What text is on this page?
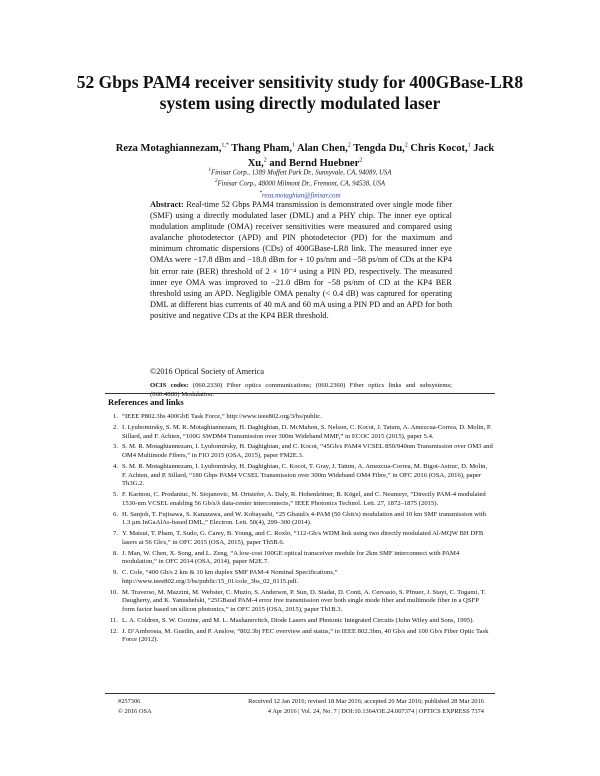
52 Gbps PAM4 receiver sensitivity study for 400GBase-LR8 system using directly modulated laser
Reza Motaghiannezam,$^{1,*}$ Thang Pham,$^1$ Alan Chen,$^2$ Tengda Du,$^2$ Chris Kocot,$^1$ Jack Xu,$^2$ and Bernd Huebner$^2$
$^1$Finisar Corp., 1389 Moffett Park Dr., Sunnyvale, CA, 94089, USA
$^2$Finisar Corp., 48000 Milmont Dr., Fremont, CA, 94538, USA
*reza.motaghian@finisar.com
Abstract: Real-time 52 Gbps PAM4 transmission is demonstrated over single mode fiber (SMF) using a directly modulated laser (DML) and a PHY chip. The inner eye optical modulation amplitude (OMA) receiver sensitivities were measured and compared using avalanche photodetector (APD) and PIN photodetector (PD) for the maximum and minimum chromatic dispersions (CDs) of 400GBase-LR8 link. The measured inner eye OMAs were −17.8 dBm and −18.8 dBm for + 10 ps/nm and −58 ps/nm of CDs at the KP4 bit error rate (BER) threshold of 2 × 10⁻⁴ using a PIN PD, respectively. The measured inner eye OMA was improved to −21.0 dBm for −58 ps/nm of CD at the KP4 BER threshold using an APD. Negligible OMA penalty (< 0.4 dB) was captured for operating DML at different bias currents of 40 mA and 60 mA using a PIN PD and an APD for both positive and negative CDs at the KP4 BER threshold.
©2016 Optical Society of America
OCIS codes: (060.2330) Fiber optics communications; (060.2360) Fiber optics links and subsystems; (060.4080) Modulation.
References and links
1. “IEEE P802.3bs 400GbE Task Force,” http://www.ieee802.org/3/bs/public.
2. I. Lyubomirsky, S. M. R. Motaghiannezam, H. Daghighian, D. McMahon, S. Nelson, C. Kocot, J. Tatum, A. Amezcua-Correa, D. Molin, P. Sillard, and F. Achten, “100G SWDM4 Transmission over 300m Wideband MMF,” in ECOC 2015 (2015), paper 5.4.
3. S. M. R. Motaghiannezam, I. Lyubomirsky, H. Daghighian, and C. Kocot, “45Gb/s PAM4 VCSEL 850/940nm Transmission over OM3 and OM4 Multimode Fibers,” in FIO 2015 (OSA, 2015), paper FM2E.3.
4. S. M. R. Motaghiannezam, I. Lyubomirsky, H. Daghighian, C. Kocot, T. Gray, J. Tatum, A. Amezcua-Correa, M. Bigot-Astruc, D. Molin, F. Achten, and P. Sillard, “180 Gbps PAM4 VCSEL Transmission over 300m Wideband OM4 Fibre,” in OFC 2016 (OSA, 2016), paper Th3G.2.
5. F. Karinou, C. Prodaniuc, N. Stojanovic, M. Ortsiefer, A. Daly, R. Hohenleitner, B. Kögel, and C. Neumeyr, “Directly PAM-4 modulated 1530-nm VCSEL enabling 56 Gb/s/λ data-center interconnects,” IEEE Photonics Technol. Lett. 27, 1872–1875 (2015).
6. H. Sanjoh, T. Fujisawa, S. Kanazawa, and W. Kobayashi, “25 Gbaud/s 4-PAM (50 Gbit/s) modulation and 10 km SMF transmission with 1.3 μm InGaAlAs-based DML,” Electron. Lett. 50(4), 299–300 (2014).
7. Y. Matsui, T. Pham, T. Sudo, G. Carey, B. Young, and C. Roxlo, “112-Gb/s WDM link using two directly modulated Al-MQW BH DFB lasers at 56 Gb/s,” in OFC 2015 (OSA, 2015), paper Th5B.6.
8. J. Man, W. Chen, X. Song, and L. Zeng, “A low-cost 100GE optical transceiver module for 2km SMF interconnect with PAM4 modulation,” in OFC 2014 (OSA, 2014), paper M2E.7.
9. C. Cole, “400 Gb/s 2 km & 10 km duplex SMF PAM-4 Nominal Specifications,” http://www.ieee802.org/3/bs/public/15_01/cole_3bs_02_0115.pdf.
10. M. Traverso, M. Mazzini, M. Webster, C. Muzio, S. Anderson, P. Sun, D. Siadat, D. Conti, A. Cervasio, S. Pfnuer, J. Stayt, C. Togami, T. Daugherty, and K. Yanushefski, “25GBaud PAM-4 error free transmission over both single mode fiber and multimode fiber in a QSFP form factor based on silicon photonics,” in OFC 2015 (OSA, 2015), paper Th1B.3.
11. L. A. Coldren, S. W. Corzine, and M. L. Mashanovitch, Diode Lasers and Photonic Integrated Circuits (John Wiley and Sons, 1995).
12. J. D’Ambrosia, M. Gustlin, and P. Anslow, “802.3bj FEC overview and status,” in IEEE 802.3bm, 40 Gb/s and 100 Gb/s Fiber Optic Task Force (2012).
#257306
© 2016 OSA
Received 12 Jan 2016; revised 18 Mar 2016; accepted 20 Mar 2016; published 28 Mar 2016
4 Apr 2016 | Vol. 24, No. 7 | DOI:10.1364/OE.24.007374 | OPTICS EXPRESS 7374
